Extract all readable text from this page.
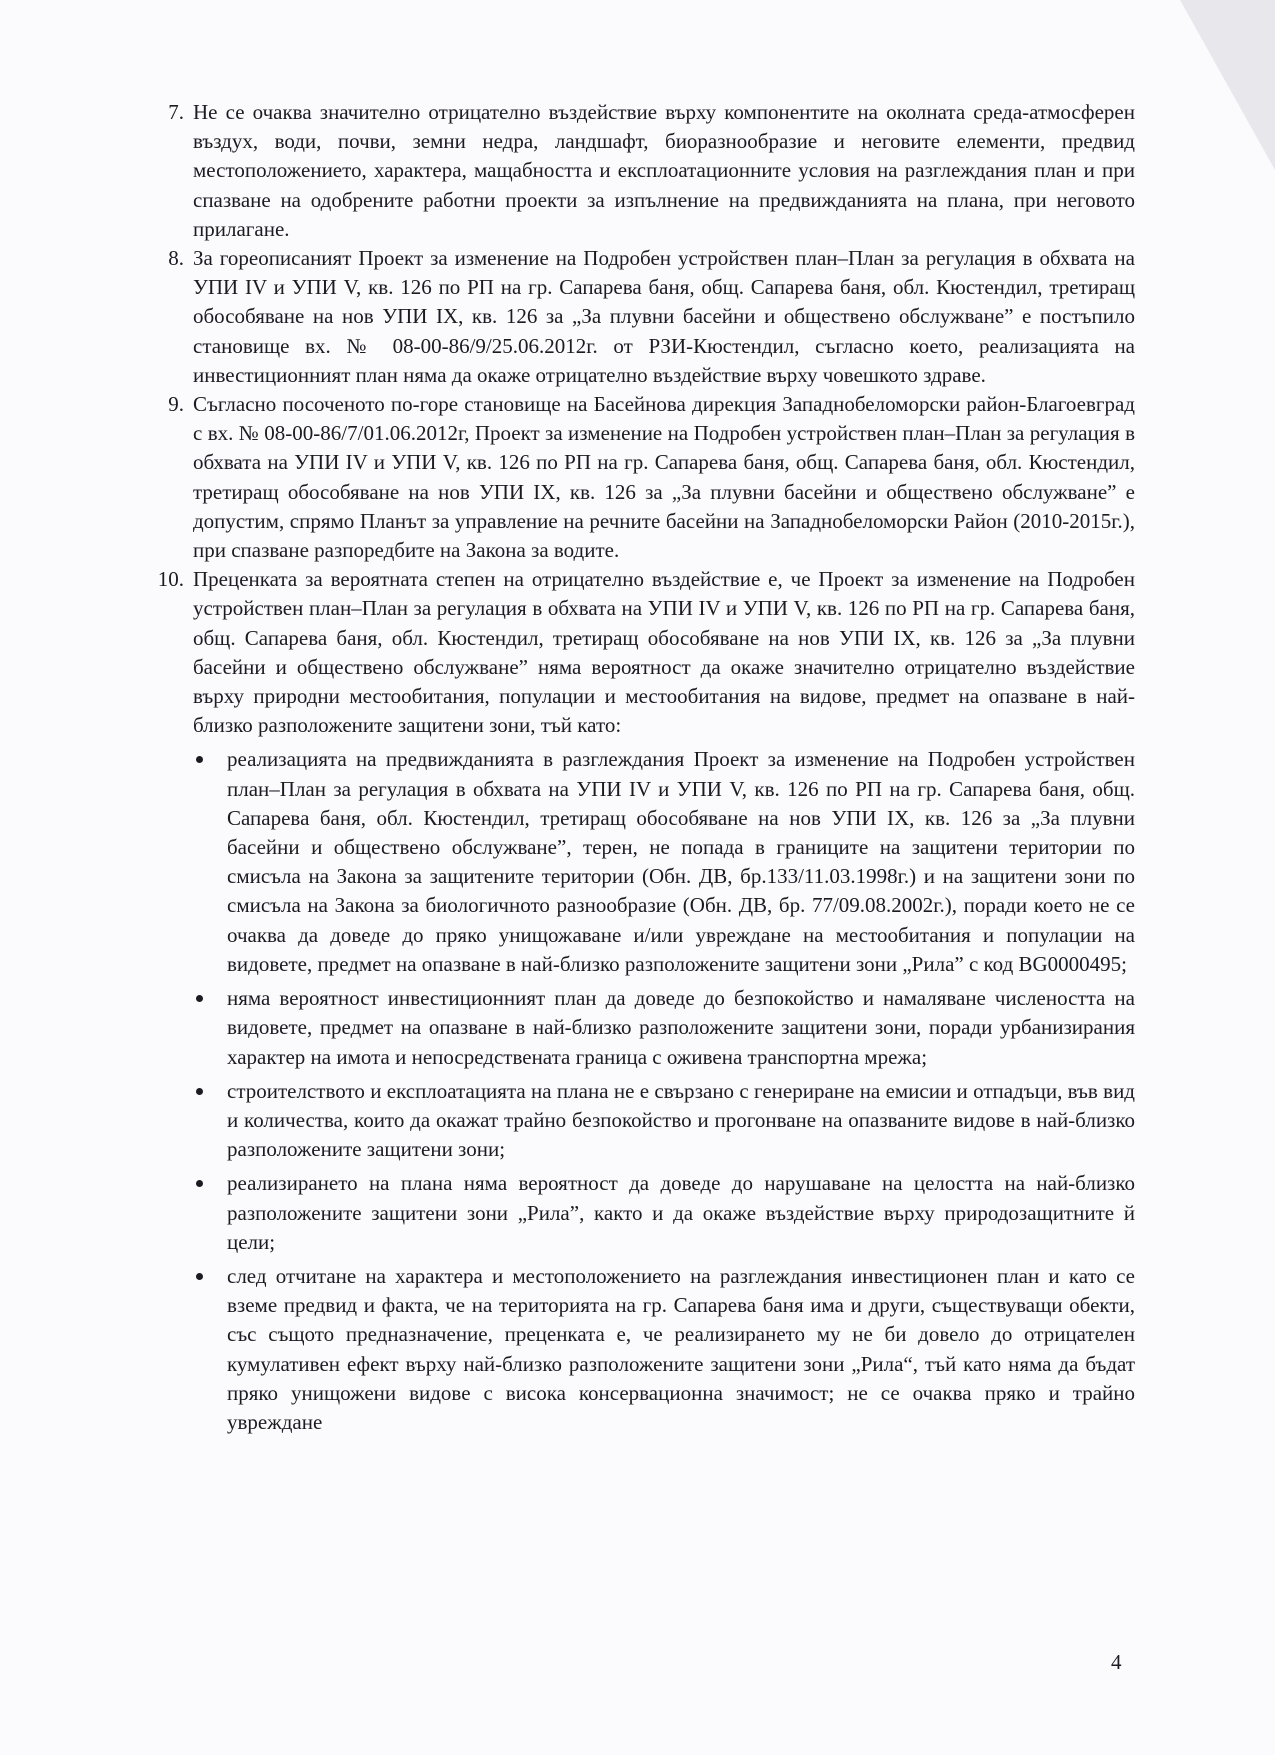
7. Не се очаква значително отрицателно въздействие върху компонентите на околната среда-атмосферен въздух, води, почви, земни недра, ландшафт, биоразнообразие и неговите елементи, предвид местоположението, характера, мащабността и експлоатационните условия на разглеждания план и при спазване на одобрените работни проекти за изпълнение на предвижданията на плана, при неговото прилагане.
8. За гореописаният Проект за изменение на Подробен устройствен план–План за регулация в обхвата на УПИ IV и УПИ V, кв. 126 по РП на гр. Сапарева баня, общ. Сапарева баня, обл. Кюстендил, третиращ обособяване на нов УПИ IX, кв. 126 за „За плувни басейни и обществено обслужване” е постъпило становище вх. № 08-00-86/9/25.06.2012г. от РЗИ-Кюстендил, съгласно което, реализацията на инвестиционният план няма да окаже отрицателно въздействие върху човешкото здраве.
9. Съгласно посоченото по-горе становище на Басейнова дирекция Западнобеломорски район-Благоевград с вх. № 08-00-86/7/01.06.2012г, Проект за изменение на Подробен устройствен план–План за регулация в обхвата на УПИ IV и УПИ V, кв. 126 по РП на гр. Сапарева баня, общ. Сапарева баня, обл. Кюстендил, третиращ обособяване на нов УПИ IX, кв. 126 за „За плувни басейни и обществено обслужване” е допустим, спрямо Планът за управление на речните басейни на Западнобеломорски Район (2010-2015г.), при спазване разпоредбите на Закона за водите.
10. Преценката за вероятната степен на отрицателно въздействие е, че Проект за изменение на Подробен устройствен план–План за регулация в обхвата на УПИ IV и УПИ V, кв. 126 по РП на гр. Сапарева баня, общ. Сапарева баня, обл. Кюстендил, третиращ обособяване на нов УПИ IX, кв. 126 за „За плувни басейни и обществено обслужване” няма вероятност да окаже значително отрицателно въздействие върху природни местообитания, популации и местообитания на видове, предмет на опазване в най-близко разположените защитени зони, тъй като:
реализацията на предвижданията в разглеждания Проект за изменение на Подробен устройствен план–План за регулация в обхвата на УПИ IV и УПИ V, кв. 126 по РП на гр. Сапарева баня, общ. Сапарева баня, обл. Кюстендил, третиращ обособяване на нов УПИ IX, кв. 126 за „За плувни басейни и обществено обслужване”, терен, не попада в границите на защитени територии по смисъла на Закона за защитените територии (Обн. ДВ, бр.133/11.03.1998г.) и на защитени зони по смисъла на Закона за биологичното разнообразие (Обн. ДВ, бр. 77/09.08.2002г.), поради което не се очаква да доведе до пряко унищожаване и/или увреждане на местообитания и популации на видовете, предмет на опазване в най-близко разположените защитени зони „Рила” с код BG0000495;
няма вероятност инвестиционният план да доведе до безпокойство и намаляване числеността на видовете, предмет на опазване в най-близко разположените защитени зони, поради урбанизирания характер на имота и непосредствената граница с оживена транспортна мрежа;
строителството и експлоатацията на плана не е свързано с генериране на емисии и отпадъци, във вид и количества, които да окажат трайно безпокойство и прогонване на опазваните видове в най-близко разположените защитени зони;
реализирането на плана няма вероятност да доведе до нарушаване на целостта на най-близко разположените защитени зони „Рила”, както и да окаже въздействие върху природозащитните й цели;
след отчитане на характера и местоположението на разглеждания инвестиционен план и като се вземе предвид и факта, че на територията на гр. Сапарева баня има и други, съществуващи обекти, със същото предназначение, преценката е, че реализирането му не би довело до отрицателен кумулативен ефект върху най-близко разположените защитени зони „Рила“, тъй като няма да бъдат пряко унищожени видове с висока консервационна значимост; не се очаква пряко и трайно увреждане
4
